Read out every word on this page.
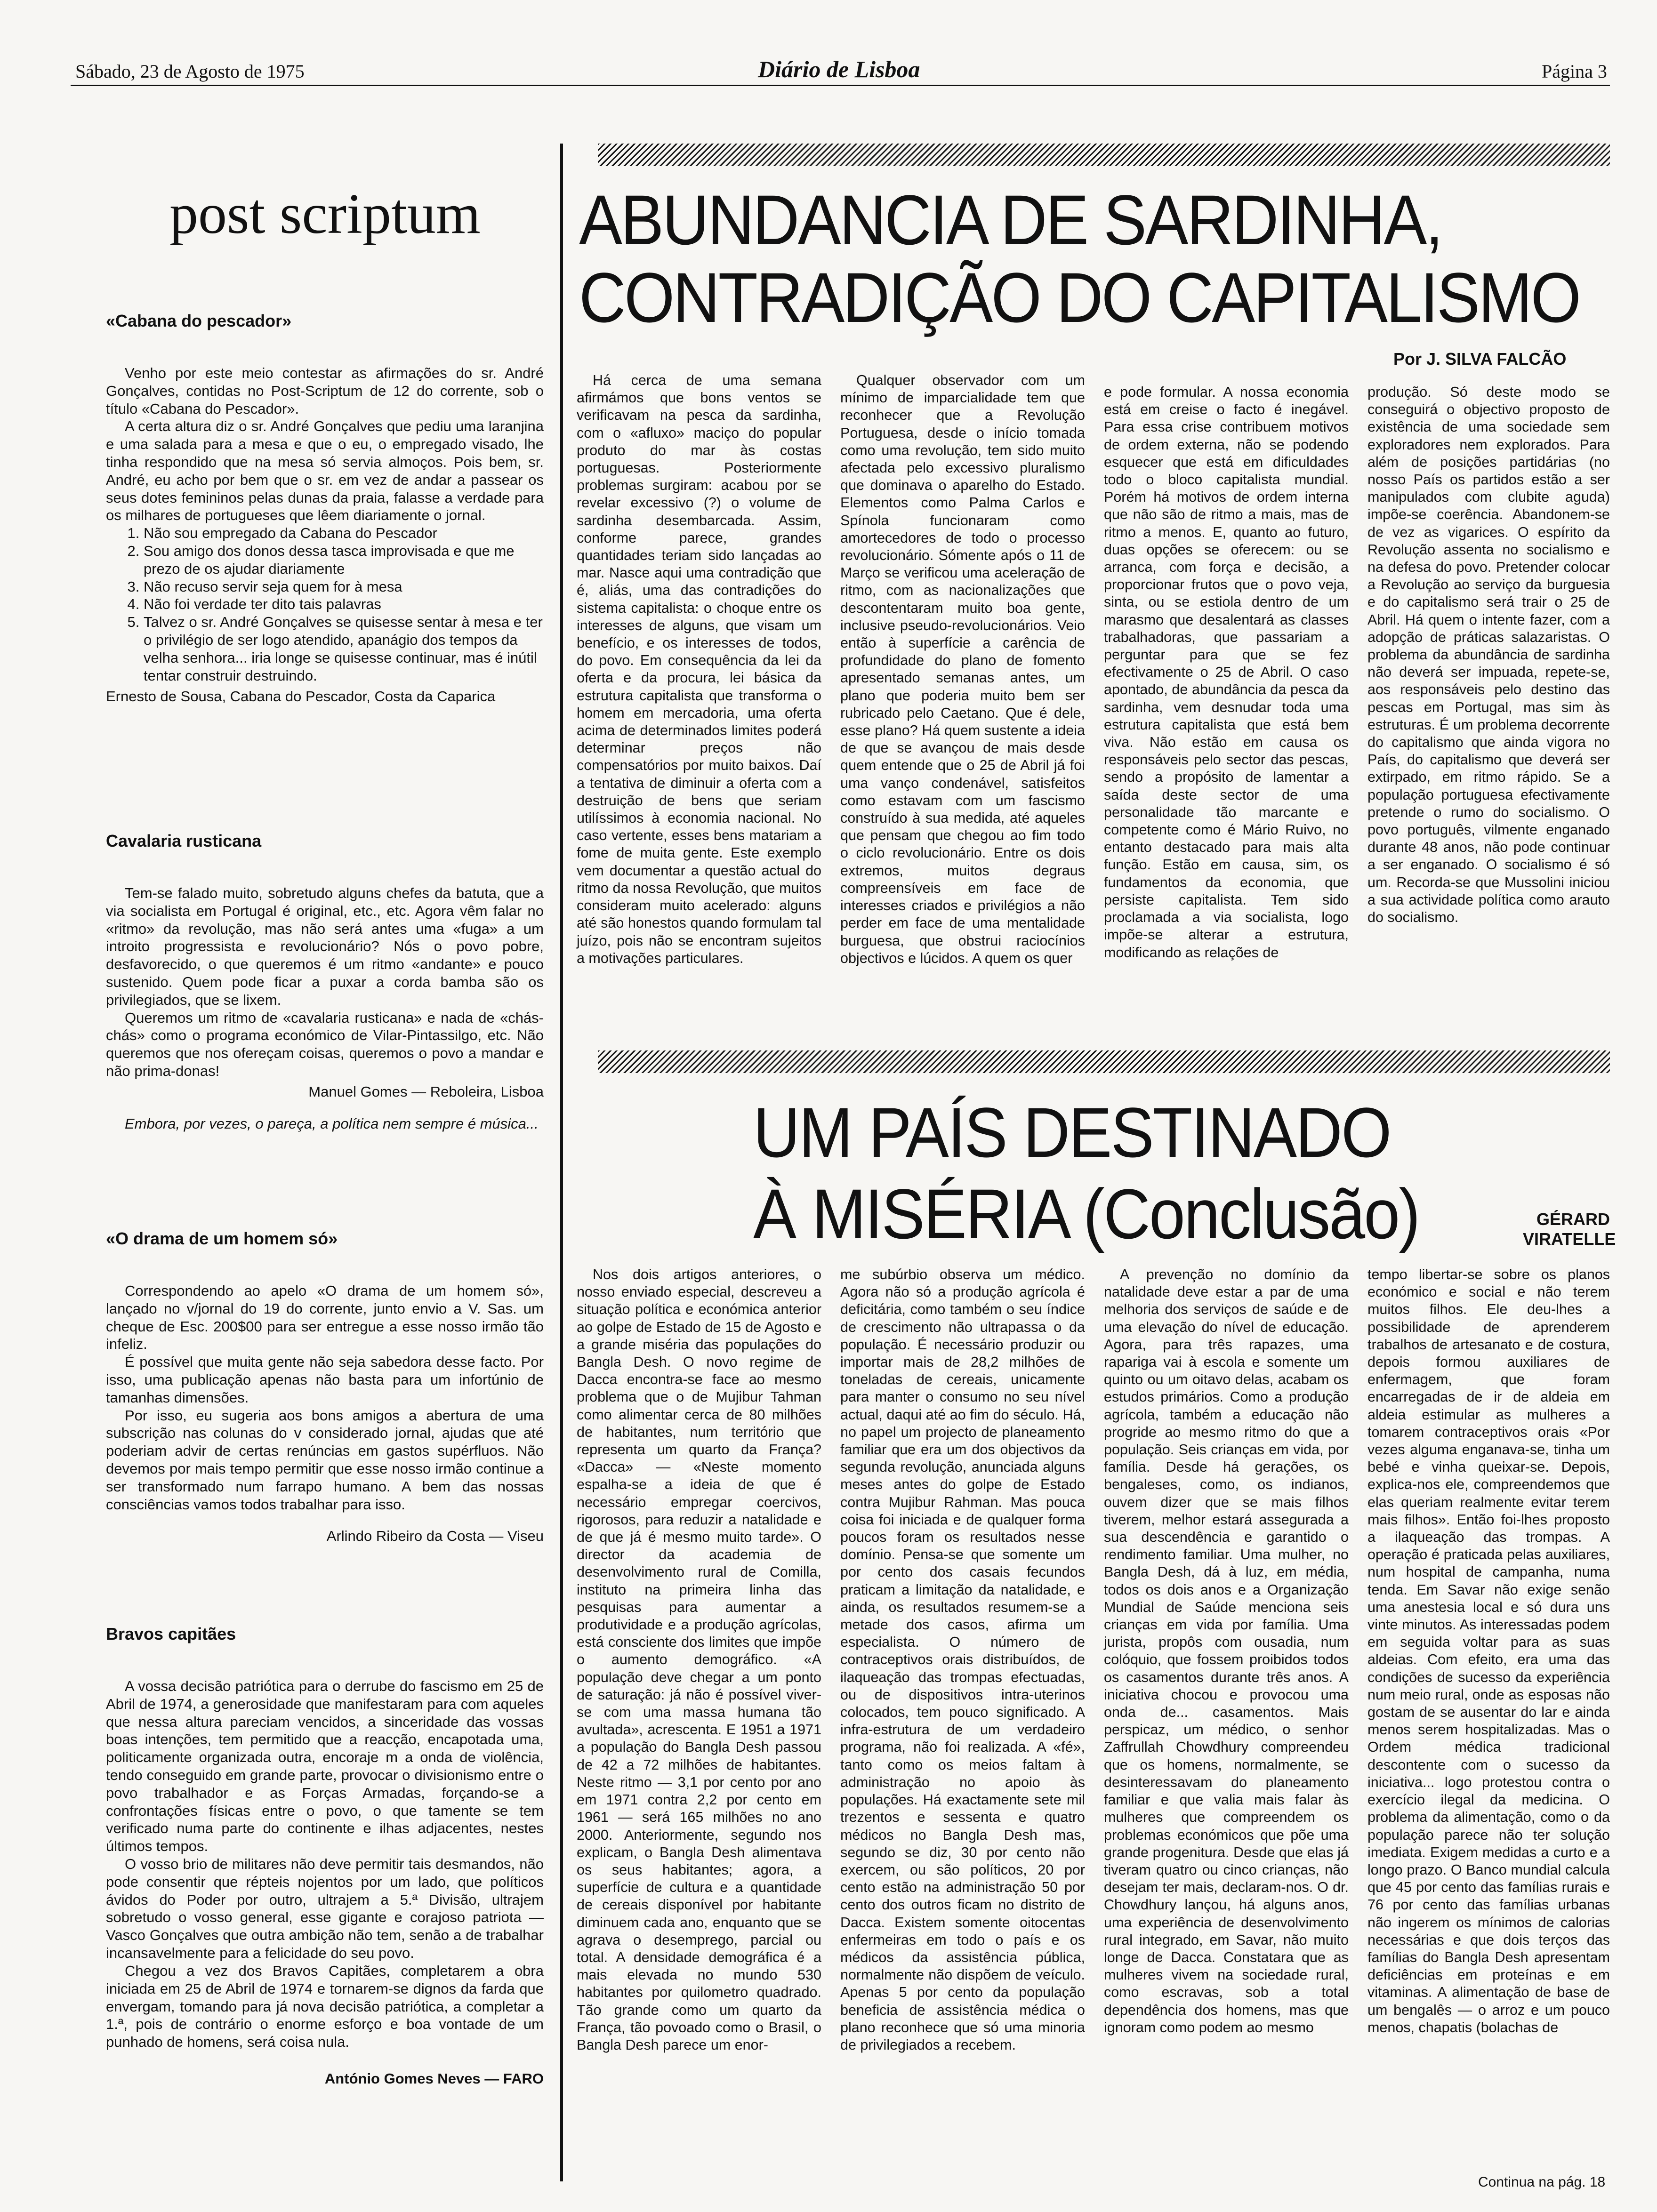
Sábado, 23 de Agosto de 1975	Diário de Lisboa	Página 3
post scriptum
«Cabana do pescador»

Venho por este meio contestar as afirmações do sr. André Gonçalves, contidas no Post-Scriptum de 12 do corrente, sob o título «Cabana do Pescador».

A certa altura diz o sr. André Gonçalves que pediu uma laranjina e uma salada para a mesa e que o eu, o empregado visado, lhe tinha respondido que na mesa só servia almoços. Pois bem, sr. André, eu acho por bem que o sr. em vez de andar a passear os seus dotes femininos pelas dunas da praia, falasse a verdade para os milhares de portugueses que lêem diariamente o jornal.

1. Não sou empregado da Cabana do Pescador
2. Sou amigo dos donos dessa tasca improvisada e que me prezo de os ajudar diariamente
3. Não recuso servir seja quem for à mesa
4. Não foi verdade ter dito tais palavras
5. Talvez o sr. André Gonçalves se quisesse sentar à mesa e ter o privilégio de ser logo atendido, apanágio dos tempos da velha senhora... iria longe se quisesse continuar, mas é inútil tentar construir destruindo.
Ernesto de Sousa, Cabana do Pescador, Costa da Caparica
Cavalaria rusticana

Tem-se falado muito, sobretudo alguns chefes da batuta, que a via socialista em Portugal é original, etc., etc. Agora vêm falar no «ritmo» da revolução, mas não será antes uma «fuga» a um introito progressista e revolucionário? Nós o povo pobre, desfavorecido, o que queremos é um ritmo «andante» e pouco sustenido. Quem pode ficar a puxar a corda bamba são os privilegiados, que se lixem.

Queremos um ritmo de «cavalaria rusticana» e nada de «chás-chás» como o programa económico de Vilar-Pintassilgo, etc. Não queremos que nos ofereçam coisas, queremos o povo a mandar e não prima-donas!

Manuel Gomes — Reboleira, Lisboa

Embora, por vezes, o pareça, a política nem sempre é música...

«O drama de um homem só»

Correspondendo ao apelo «O drama de um homem só», lançado no v/jornal do 19 do corrente, junto envio a V. Sas. um cheque de Esc. 200$00 para ser entregue a esse nosso irmão tão infeliz.

É possível que muita gente não seja sabedora desse facto. Por isso, uma publicação apenas não basta para um infortúnio de tamanhas dimensões.

Por isso, eu sugeria aos bons amigos a abertura de uma subscrição nas colunas do v considerado jornal, ajudas que até poderiam advir de certas renúncias em gastos supérfluos. Não devemos por mais tempo permitir que esse nosso irmão continue a ser transformado num farrapo humano. A bem das nossas consciências vamos todos trabalhar para isso.

Arlindo Ribeiro da Costa — Viseu
Bravos capitães

A vossa decisão patriótica para o derrube do fascismo em 25 de Abril de 1974, a generosidade que manifestaram para com aqueles que nessa altura pareciam vencidos, a sinceridade das vossas boas intenções, tem permitido que a reacção, encapotada uma, politicamente organizada outra, encoraje m a onda de violência, tendo conseguido em grande parte, provocar o divisionismo entre o povo trabalhador e as Forças Armadas, forçando-se a confrontações físicas entre o povo, o que tamente se tem verificado numa parte do continente e ilhas adjacentes, nestes últimos tempos.

O vosso brio de militares não deve permitir tais desmandos, não pode consentir que répteis nojentos por um lado, que políticos ávidos do Poder por outro, ultrajem a 5.ª Divisão, ultrajem sobretudo o vosso general, esse gigante e corajoso patriota — Vasco Gonçalves que outra ambição não tem, senão a de trabalhar incansavelmente para a felicidade do seu povo.

Chegou a vez dos Bravos Capitães, completarem a obra iniciada em 25 de Abril de 1974 e tornarem-se dignos da farda que envergam, tomando para já nova decisão patriótica, a completar a 1.ª, pois de contrário o enorme esforço e boa vontade de um punhado de homens, será coisa nula.

António Gomes Neves — FARO
ABUNDANCIA DE SARDINHA,
CONTRADIÇÃO DO CAPITALISMO
Por J. SILVA FALCÃO

Há cerca de uma semana afirmámos que bons ventos se verificavam na pesca da sardinha, com o «afluxo» maciço do popular produto do mar às costas portuguesas. Posteriormente problemas surgiram: acabou por se revelar excessivo (?) o volume de sardinha desembarcada. Assim, conforme parece, grandes quantidades teriam sido lançadas ao mar. Nasce aqui uma contradição que é, aliás, uma das contradições do sistema capitalista: o choque entre os interesses de alguns, que visam um benefício, e os interesses de todos, do povo. Em consequência da lei da oferta e da procura, lei básica da estrutura capitalista que transforma o homem em mercadoria, uma oferta acima de determinados limites poderá determinar preços não compensatórios por muito baixos. Daí a tentativa de diminuir a oferta com a destruição de bens que seriam utilíssimos à economia nacional. No caso vertente, esses bens matariam a fome de muita gente. Este exemplo vem documentar a questão actual do ritmo da nossa Revolução, que muitos consideram muito acelerado: alguns até são honestos quando formulam tal juízo, pois não se encontram sujeitos a motivações particulares.

Qualquer observador com um mínimo de imparcialidade tem que reconhecer que a Revolução Portuguesa, desde o início tomada como uma revolução, tem sido muito afectada pelo excessivo pluralismo que dominava o aparelho do Estado. Elementos como Palma Carlos e Spínola funcionaram como amortecedores de todo o processo revolucionário. Sómente após o 11 de Março se verificou uma aceleração de ritmo, com as nacionalizações que descontentaram muito boa gente, inclusive pseudo-revolucionários. Veio então à superfície a carência de profundidade do plano de fomento apresentado semanas antes, um plano que poderia muito bem ser rubricado pelo Caetano. Que é dele, esse plano? Há quem sustente a ideia de que se avançou de mais desde quem entende que o 25 de Abril já foi uma vanço condenável, satisfeitos como estavam com um fascismo construído à sua medida, até aqueles que pensam que chegou ao fim todo o ciclo revolucionário. Entre os dois extremos, muitos degraus compreensíveis em face de interesses criados e privilégios a não perder em face de uma mentalidade burguesa, que obstrui raciocínios objectivos e lúcidos. A quem os quer

e pode formular. A nossa economia está em creise o facto é inegável. Para essa crise contribuem motivos de ordem externa, não se podendo esquecer que está em dificuldades todo o bloco capitalista mundial. Porém há motivos de ordem interna que não são de ritmo a mais, mas de ritmo a menos. E, quanto ao futuro, duas opções se oferecem: ou se arranca, com força e decisão, a proporcionar frutos que o povo veja, sinta, ou se estiola dentro de um marasmo que desalentará as classes trabalhadoras, que passariam a perguntar para que se fez efectivamente o 25 de Abril. O caso apontado, de abundância da pesca da sardinha, vem desnudar toda uma estrutura capitalista que está bem viva. Não estão em causa os responsáveis pelo sector das pescas, sendo a propósito de lamentar a saída deste sector de uma personalidade tão marcante e competente como é Mário Ruivo, no entanto destacado para mais alta função. Estão em causa, sim, os fundamentos da economia, que persiste capitalista. Tem sido proclamada a via socialista, logo impõe-se alterar a estrutura, modificando as relações de

produção. Só deste modo se conseguirá o objectivo proposto de existência de uma sociedade sem exploradores nem explorados. Para além de posições partidárias (no nosso País os partidos estão a ser manipulados com clubite aguda) impõe-se coerência. Abandonem-se de vez as vigarices. O espírito da Revolução assenta no socialismo e na defesa do povo. Pretender colocar a Revolução ao serviço da burguesia e do capitalismo será trair o 25 de Abril. Há quem o intente fazer, com a adopção de práticas salazaristas. O problema da abundância de sardinha não deverá ser impuada, repete-se, aos responsáveis pelo destino das pescas em Portugal, mas sim às estruturas. É um problema decorrente do capitalismo que ainda vigora no País, do capitalismo que deverá ser extirpado, em ritmo rápido. Se a população portuguesa efectivamente pretende o rumo do socialismo. O povo português, vilmente enganado durante 48 anos, não pode continuar a ser enganado. O socialismo é só um. Recorda-se que Mussolini iniciou a sua actividade política como arauto do socialismo.

UM PAÍS DESTINADO
À MISÉRIA (Conclusão)	GÉRARD
VIRATELLE

Nos dois artigos anteriores, o nosso enviado especial, descreveu a situação política e económica anterior ao golpe de Estado de 15 de Agosto e a grande miséria das populações do Bangla Desh. O novo regime de Dacca encontra-se face ao mesmo problema que o de Mujibur Tahman como alimentar cerca de 80 milhões de habitantes, num território que representa um quarto da França? «Dacca» — «Neste momento espalha-se a ideia de que é necessário empregar coercivos, rigorosos, para reduzir a natalidade e de que já é mesmo muito tarde». O director da academia de desenvolvimento rural de Comilla, instituto na primeira linha das pesquisas para aumentar a produtividade e a produção agrícolas, está consciente dos limites que impõe o aumento demográfico. «A população deve chegar a um ponto de saturação: já não é possível viver-se com uma massa humana tão avultada», acrescenta. E 1951 a 1971 a população do Bangla Desh passou de 42 a 72 milhões de habitantes. Neste ritmo — 3,1 por cento por ano em 1971 contra 2,2 por cento em 1961 — será 165 milhões no ano 2000. Anteriormente, segundo nos explicam, o Bangla Desh alimentava os seus habitantes; agora, a superfície de cultura e a quantidade de cereais disponível por habitante diminuem cada ano, enquanto que se agrava o desemprego, parcial ou total. A densidade demográfica é a mais elevada no mundo 530 habitantes por quilometro quadrado. Tão grande como um quarto da França, tão povoado como o Brasil, o Bangla Desh parece um enor-

me subúrbio observa um médico. Agora não só a produção agrícola é deficitária, como também o seu índice de crescimento não ultrapassa o da população. É necessário produzir ou importar mais de 28,2 milhões de toneladas de cereais, unicamente para manter o consumo no seu nível actual, daqui até ao fim do século. Há, no papel um projecto de planeamento familiar que era um dos objectivos da segunda revolução, anunciada alguns meses antes do golpe de Estado contra Mujibur Rahman. Mas pouca coisa foi iniciada e de qualquer forma poucos foram os resultados nesse domínio. Pensa-se que somente um por cento dos casais fecundos praticam a limitação da natalidade, e ainda, os resultados resumem-se a metade dos casos, afirma um especialista. O número de contraceptivos orais distribuídos, de ilaqueação das trompas efectuadas, ou de dispositivos intra-uterinos colocados, tem pouco significado. A infra-estrutura de um verdadeiro programa, não foi realizada. A «fé», tanto como os meios faltam à administração no apoio às populações. Há exactamente sete mil trezentos e sessenta e quatro médicos no Bangla Desh mas, segundo se diz, 30 por cento não exercem, ou são políticos, 20 por cento estão na administração 50 por cento dos outros ficam no distrito de Dacca. Existem somente oitocentas enfermeiras em todo o país e os médicos da assistência pública, normalmente não dispõem de veículo. Apenas 5 por cento da população beneficia de assistência médica o plano reconhece que só uma minoria de privilegiados a recebem.

A prevenção no domínio da natalidade deve estar a par de uma melhoria dos serviços de saúde e de uma elevação do nível de educação. Agora, para três rapazes, uma rapariga vai à escola e somente um quinto ou um oitavo delas, acabam os estudos primários. Como a produção agrícola, também a educação não progride ao mesmo ritmo do que a população. Seis crianças em vida, por família. Desde há gerações, os bengaleses, como, os indianos, ouvem dizer que se mais filhos tiverem, melhor estará assegurada a sua descendência e garantido o rendimento familiar. Uma mulher, no Bangla Desh, dá à luz, em média, todos os dois anos e a Organização Mundial de Saúde menciona seis crianças em vida por família. Uma jurista, propôs com ousadia, num colóquio, que fossem proibidos todos os casamentos durante três anos. A iniciativa chocou e provocou uma onda de... casamentos. Mais perspicaz, um médico, o senhor Zaffrullah Chowdhury compreendeu que os homens, normalmente, se desinteressavam do planeamento familiar e que valia mais falar às mulheres que compreendem os problemas económicos que põe uma grande progenitura. Desde que elas já tiveram quatro ou cinco crianças, não desejam ter mais, declaram-nos. O dr. Chowdhury lançou, há alguns anos, uma experiência de desenvolvimento rural integrado, em Savar, não muito longe de Dacca. Constatara que as mulheres vivem na sociedade rural, como escravas, sob a total dependência dos homens, mas que ignoram como podem ao mesmo

tempo libertar-se sobre os planos económico e social e não terem muitos filhos. Ele deu-lhes a possibilidade de aprenderem trabalhos de artesanato e de costura, depois formou auxiliares de enfermagem, que foram encarregadas de ir de aldeia em aldeia estimular as mulheres a tomarem contraceptivos orais «Por vezes alguma enganava-se, tinha um bebé e vinha queixar-se. Depois, explica-nos ele, compreendemos que elas queriam realmente evitar terem mais filhos». Então foi-lhes proposto a ilaqueação das trompas. A operação é praticada pelas auxiliares, num hospital de campanha, numa tenda. Em Savar não exige senão uma anestesia local e só dura uns vinte minutos. As interessadas podem em seguida voltar para as suas aldeias. Com efeito, era uma das condições de sucesso da experiência num meio rural, onde as esposas não gostam de se ausentar do lar e ainda menos serem hospitalizadas. Mas o Ordem médica tradicional descontente com o sucesso da iniciativa... logo protestou contra o exercício ilegal da medicina. O problema da alimentação, como o da população parece não ter solução imediata. Exigem medidas a curto e a longo prazo. O Banco mundial calcula que 45 por cento das famílias rurais e 76 por cento das famílias urbanas não ingerem os mínimos de calorias necessárias e que dois terços das famílias do Bangla Desh apresentam deficiências em proteínas e em vitaminas. A alimentação de base de um bengalês — o arroz e um pouco menos, chapatis (bolachas de

Continua na pág. 18
